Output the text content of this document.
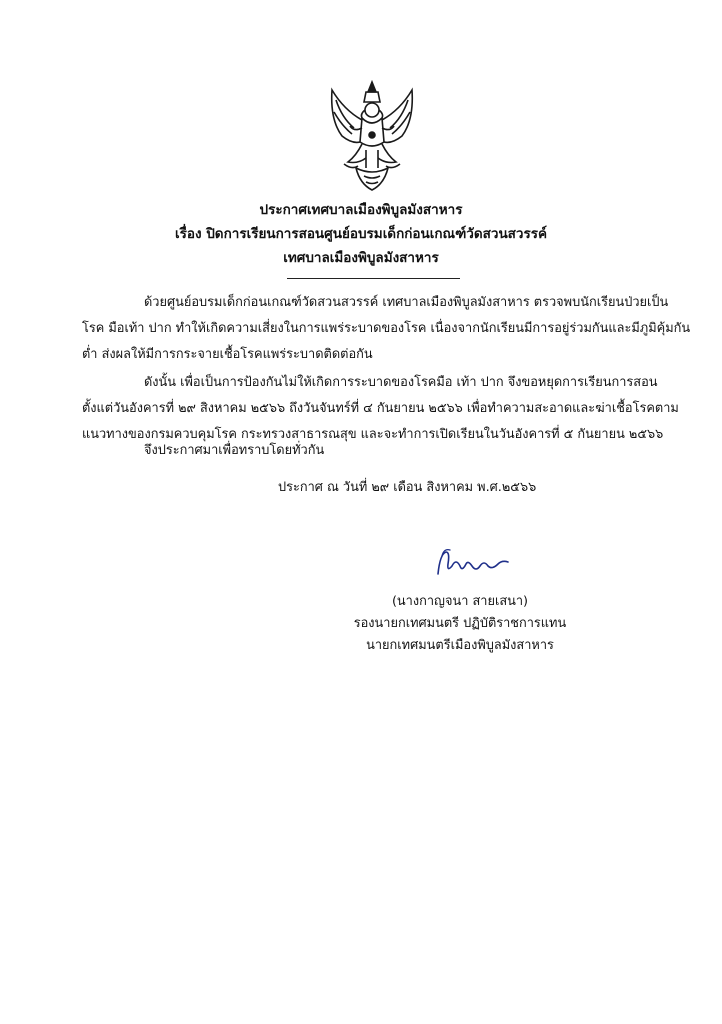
ประกาศเทศบาลเมืองพิบูลมังสาหาร
เรื่อง ปิดการเรียนการสอนศูนย์อบรมเด็กก่อนเกณฑ์วัดสวนสวรรค์
เทศบาลเมืองพิบูลมังสาหาร
ด้วยศูนย์อบรมเด็กก่อนเกณฑ์วัดสวนสวรรค์ เทศบาลเมืองพิบูลมังสาหาร ตรวจพบนักเรียนป่วยเป็น
โรค มือเท้า ปาก ทำให้เกิดความเสี่ยงในการแพร่ระบาดของโรค เนื่องจากนักเรียนมีการอยู่ร่วมกันและมีภูมิคุ้มกัน
ต่ำ ส่งผลให้มีการกระจายเชื้อโรคแพร่ระบาดติดต่อกัน
ดังนั้น เพื่อเป็นการป้องกันไม่ให้เกิดการระบาดของโรคมือ เท้า ปาก จึงขอหยุดการเรียนการสอน
ตั้งแต่วันอังคารที่ ๒๙ สิงหาคม ๒๕๖๖ ถึงวันจันทร์ที่ ๔ กันยายน ๒๕๖๖ เพื่อทำความสะอาดและฆ่าเชื้อโรคตาม
แนวทางของกรมควบคุมโรค กระทรวงสาธารณสุข และจะทำการเปิดเรียนในวันอังคารที่ ๕ กันยายน ๒๕๖๖
จึงประกาศมาเพื่อทราบโดยทั่วกัน
ประกาศ ณ วันที่ ๒๙ เดือน สิงหาคม พ.ศ.๒๕๖๖
(นางกาญจนา สายเสนา)
รองนายกเทศมนตรี ปฏิบัติราชการแทน
นายกเทศมนตรีเมืองพิบูลมังสาหาร
